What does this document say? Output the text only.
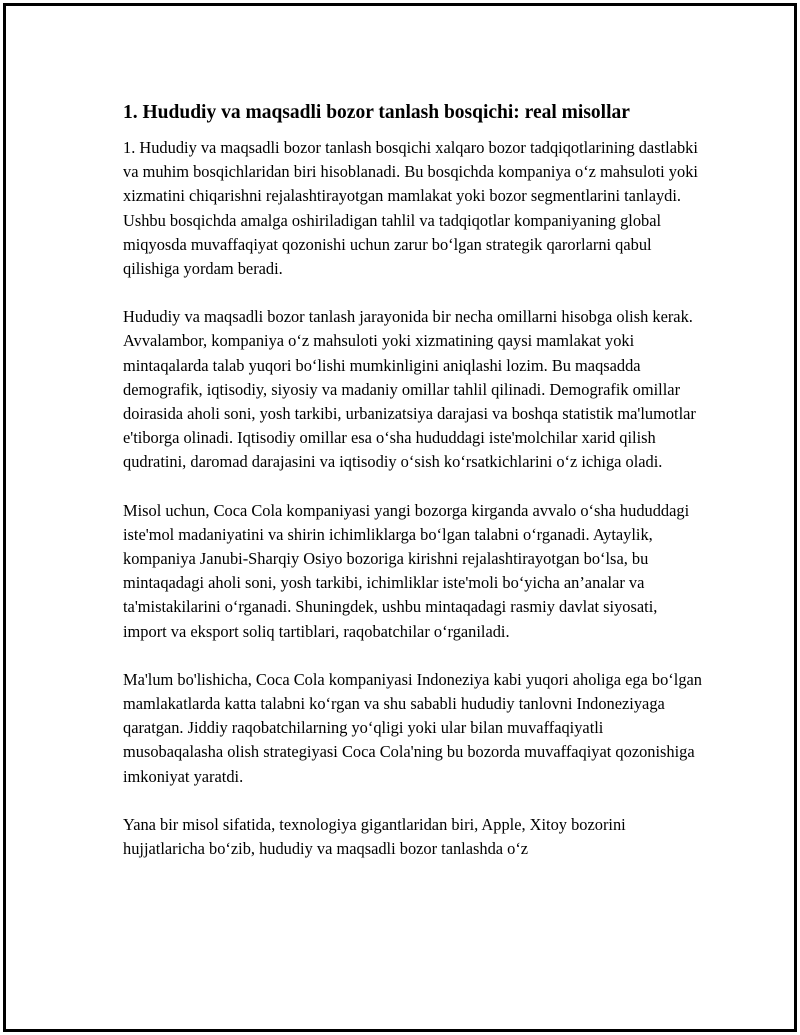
1. Hududiy va maqsadli bozor tanlash bosqichi: real misollar

1. Hududiy va maqsadli bozor tanlash bosqichi xalqaro bozor tadqiqotlarining dastlabki va muhim bosqichlaridan biri hisoblanadi. Bu bosqichda kompaniya o‘z mahsuloti yoki xizmatini chiqarishni rejalashtirayotgan mamlakat yoki bozor segmentlarini tanlaydi. Ushbu bosqichda amalga oshiriladigan tahlil va tadqiqotlar kompaniyaning global miqyosda muvaffaqiyat qozonishi uchun zarur bo‘lgan strategik qarorlarni qabul qilishiga yordam beradi.

Hududiy va maqsadli bozor tanlash jarayonida bir necha omillarni hisobga olish kerak. Avvalambor, kompaniya o‘z mahsuloti yoki xizmatining qaysi mamlakat yoki mintaqalarda talab yuqori bo‘lishi mumkinligini aniqlashi lozim. Bu maqsadda demografik, iqtisodiy, siyosiy va madaniy omillar tahlil qilinadi. Demografik omillar doirasida aholi soni, yosh tarkibi, urbanizatsiya darajasi va boshqa statistik ma'lumotlar e'tiborga olinadi. Iqtisodiy omillar esa o‘sha hududdagi iste'molchilar xarid qilish qudratini, daromad darajasini va iqtisodiy o‘sish ko‘rsatkichlarini o‘z ichiga oladi.

Misol uchun, Coca Cola kompaniyasi yangi bozorga kirganda avvalo o‘sha hududdagi iste'mol madaniyatini va shirin ichimliklarga bo‘lgan talabni o‘rganadi. Aytaylik, kompaniya Janubi-Sharqiy Osiyo bozoriga kirishni rejalashtirayotgan bo‘lsa, bu mintaqadagi aholi soni, yosh tarkibi, ichimliklar iste'moli bo‘yicha an’analar va ta'mistakilarini o‘rganadi. Shuningdek, ushbu mintaqadagi rasmiy davlat siyosati, import va eksport soliq tartiblari, raqobatchilar o‘rganiladi.

Ma'lum bo'lishicha, Coca Cola kompaniyasi Indoneziya kabi yuqori aholiga ega bo‘lgan mamlakatlarda katta talabni ko‘rgan va shu sababli hududiy tanlovni Indoneziyaga qaratgan. Jiddiy raqobatchilarning yo‘qligi yoki ular bilan muvaffaqiyatli musobaqalasha olish strategiyasi Coca Cola'ning bu bozorda muvaffaqiyat qozonishiga imkoniyat yaratdi.

Yana bir misol sifatida, texnologiya gigantlaridan biri, Apple, Xitoy bozorini hujjatlaricha bo‘zib, hududiy va maqsadli bozor tanlashda o‘z
